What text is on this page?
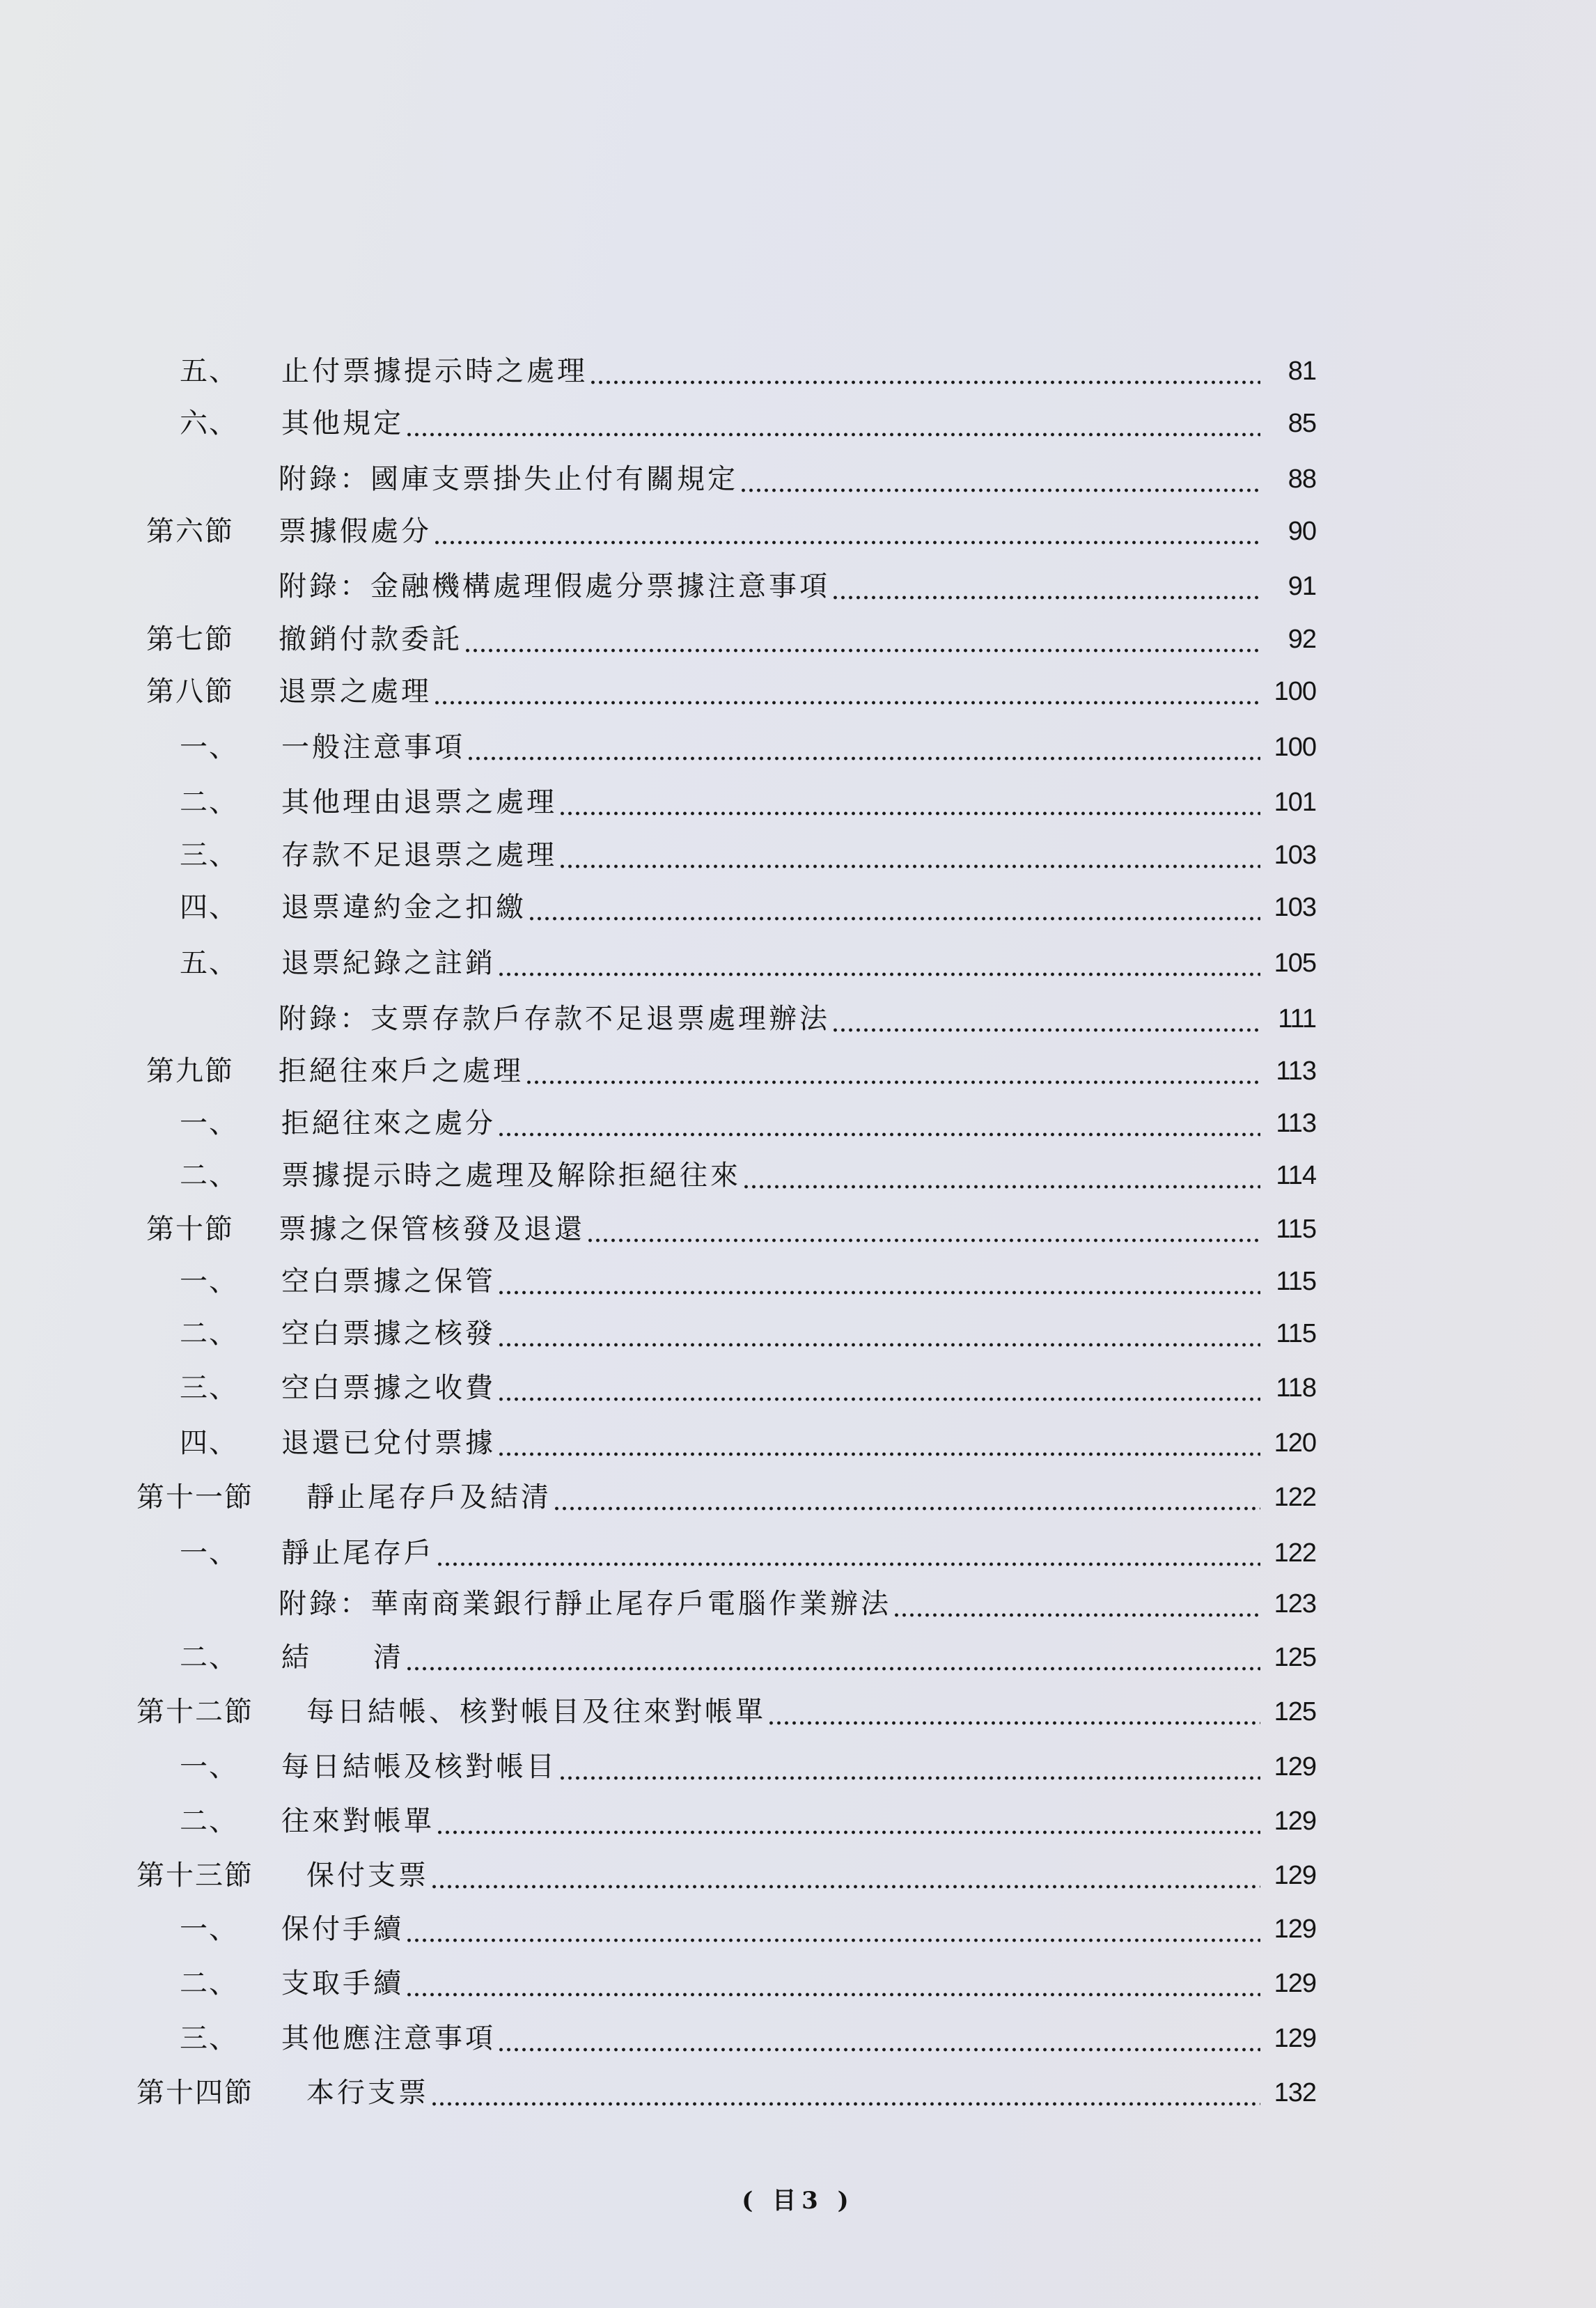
五、 止付票據提示時之處理	81
六、 其他規定	85
附錄：國庫支票掛失止付有關規定	88
第六節 票據假處分	90
附錄：金融機構處理假處分票據注意事項	91
第七節 撤銷付款委託	92
第八節 退票之處理	100
一、 一般注意事項	100
二、 其他理由退票之處理	101
三、 存款不足退票之處理	103
四、 退票違約金之扣繳	103
五、 退票紀錄之註銷	105
附錄：支票存款戶存款不足退票處理辦法	111
第九節 拒絕往來戶之處理	113
一、 拒絕往來之處分	113
二、 票據提示時之處理及解除拒絕往來	114
第十節 票據之保管核發及退還	115
一、 空白票據之保管	115
二、 空白票據之核發	115
三、 空白票據之收費	118
四、 退還已兌付票據	120
第十一節 靜止尾存戶及結清	122
一、 靜止尾存戶	122
附錄：華南商業銀行靜止尾存戶電腦作業辦法	123
二、 結　　清	125
第十二節 每日結帳、核對帳目及往來對帳單	125
一、 每日結帳及核對帳目	129
二、 往來對帳單	129
第十三節 保付支票	129
一、 保付手續	129
二、 支取手續	129
三、 其他應注意事項	129
第十四節 本行支票	132
( 目3 )
